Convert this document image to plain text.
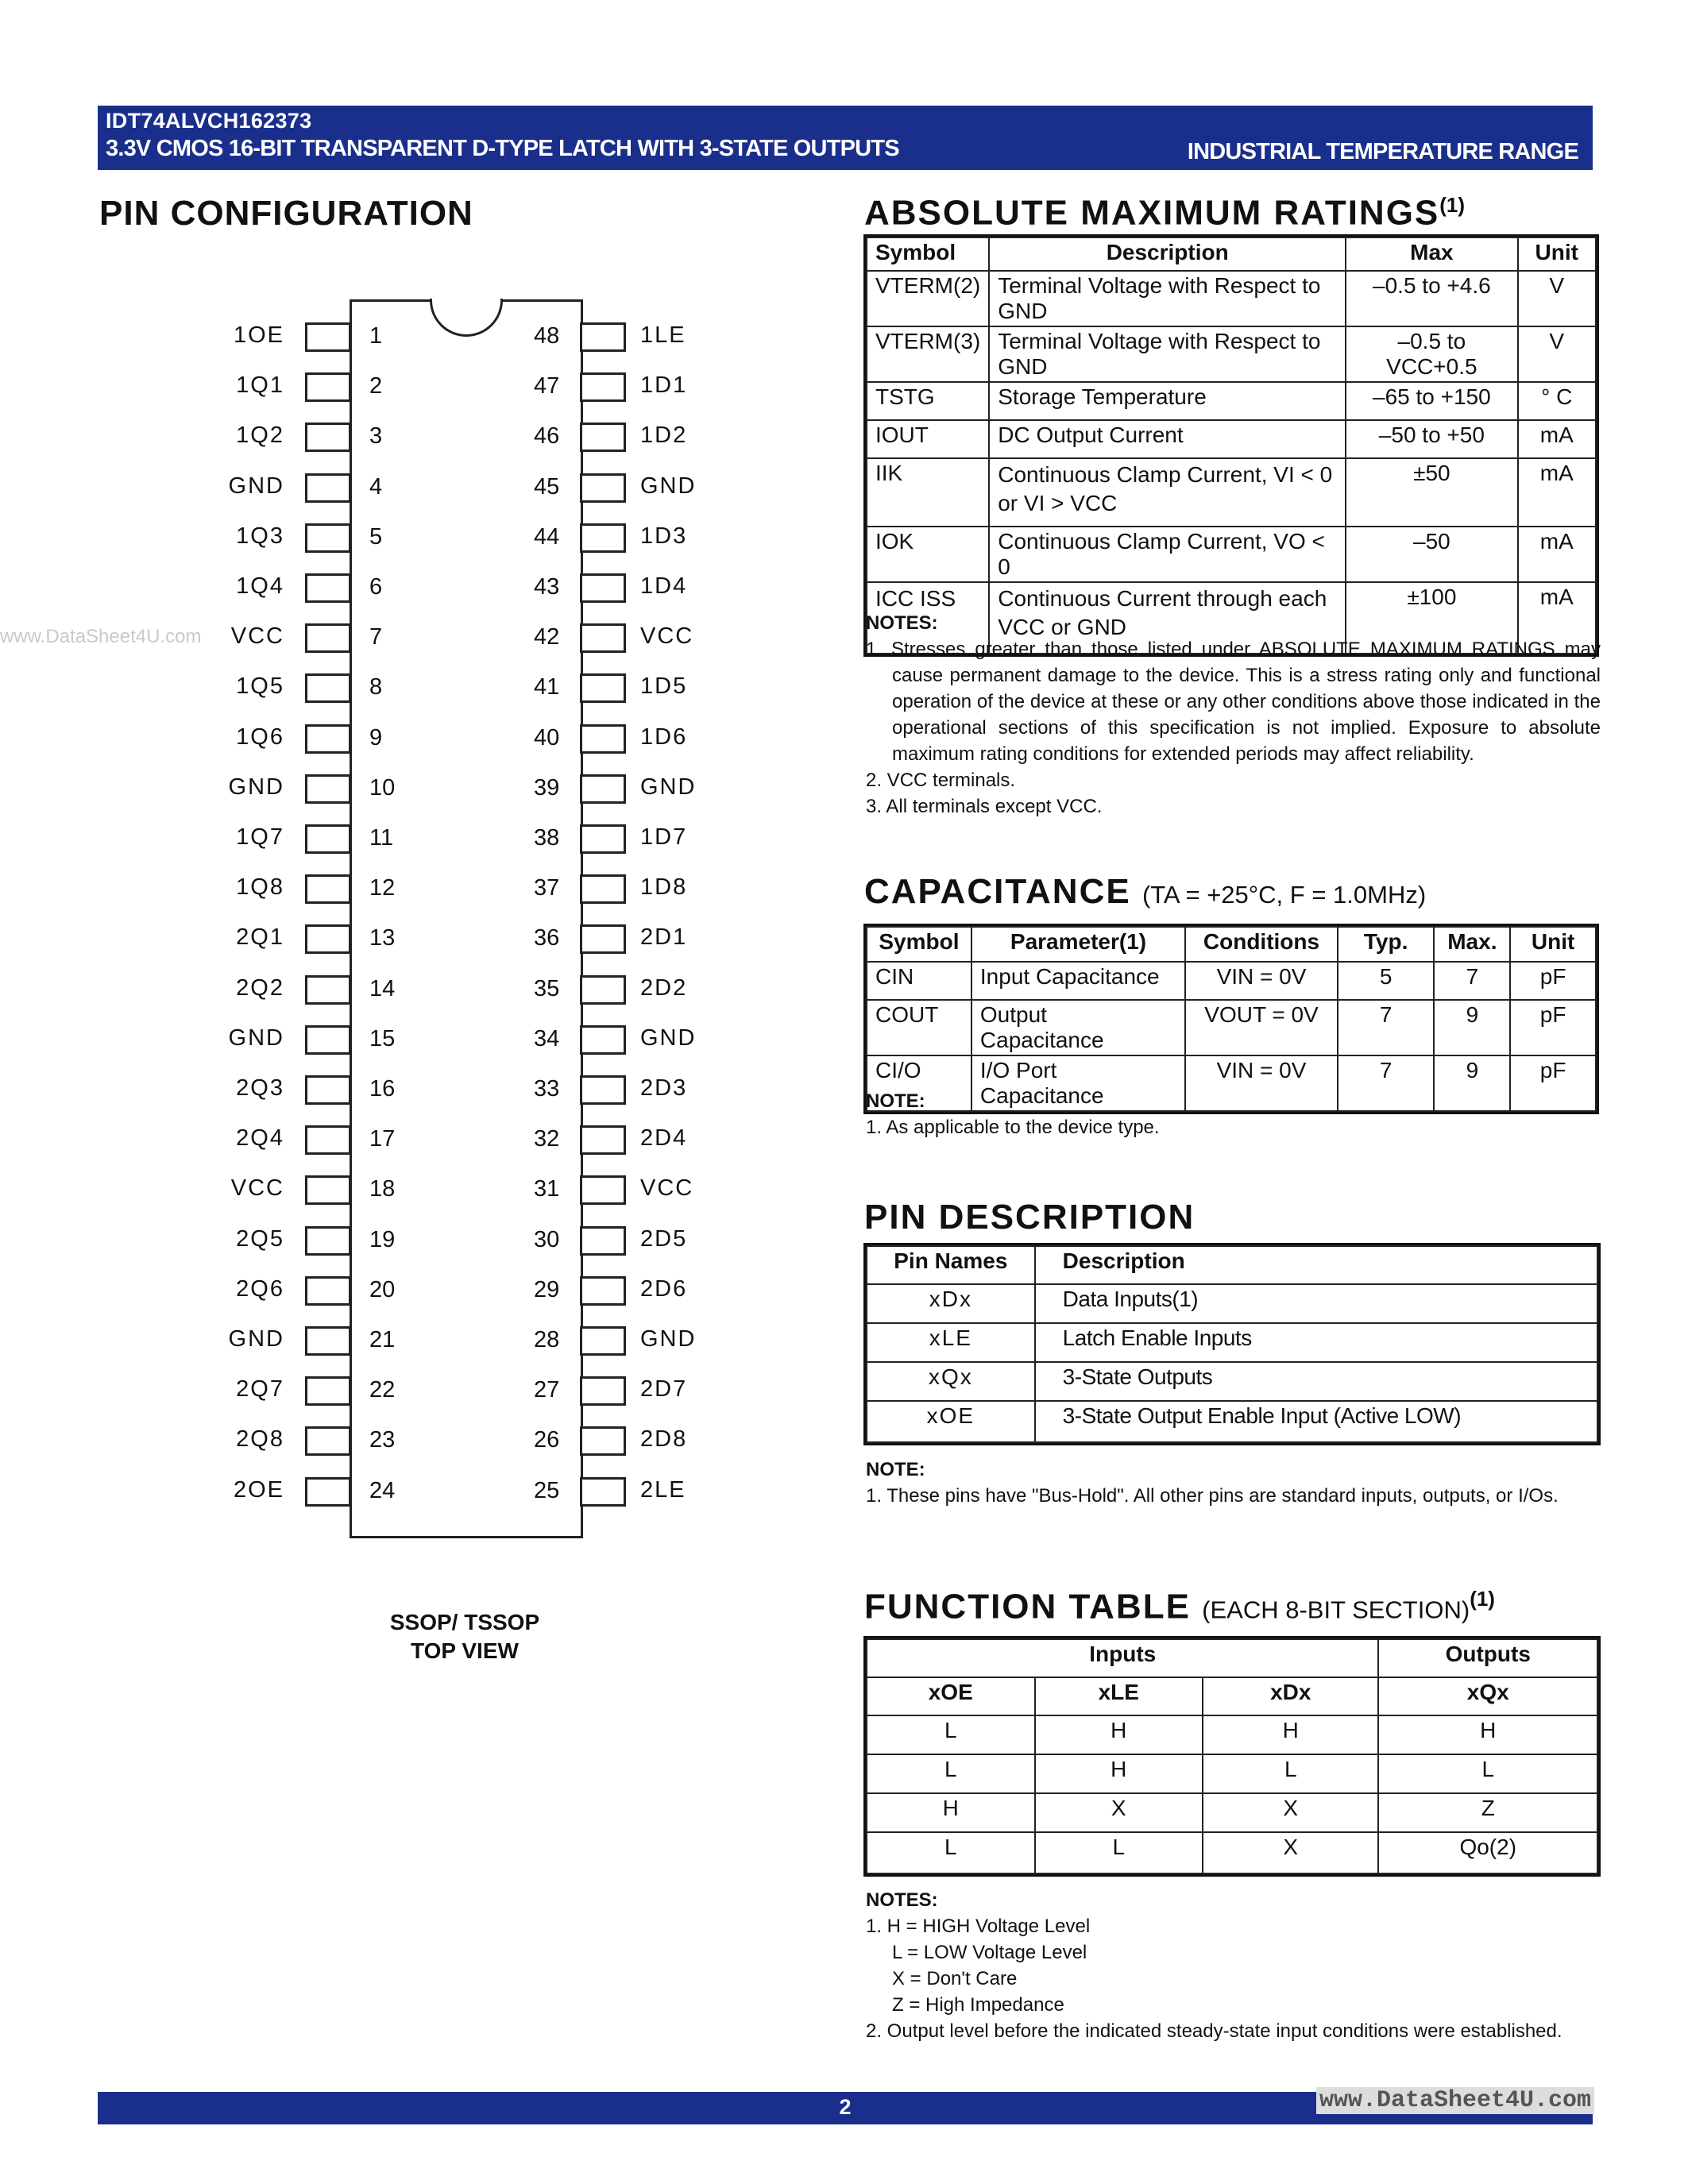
IDT74ALVCH162373
3.3V CMOS 16-BIT TRANSPARENT D-TYPE LATCH WITH 3-STATE OUTPUTS	INDUSTRIAL TEMPERATURE RANGE
www.DataSheet4U.com
PIN CONFIGURATION
1OE	1
1Q1	2
1Q2	3
GND	4
1Q3	5
1Q4	6
VCC	7
1Q5	8
1Q6	9
GND	10
1Q7	11
1Q8	12
2Q1	13
2Q2	14
GND	15
2Q3	16
2Q4	17
VCC	18
2Q5	19
2Q6	20
GND	21
2Q7	22
2Q8	23
2OE	24
48	1LE
47	1D1
46	1D2
45	GND
44	1D3
43	1D4
42	VCC
41	1D5
40	1D6
39	GND
38	1D7
37	1D8
36	2D1
35	2D2
34	GND
33	2D3
32	2D4
31	VCC
30	2D5
29	2D6
28	GND
27	2D7
26	2D8
25	2LE
SSOP/ TSSOP
TOP VIEW
ABSOLUTE MAXIMUM RATINGS$^{(1)}$
Symbol	Description	Max	Unit
VTERM(2)	Terminal Voltage with Respect to GND	–0.5 to +4.6	V
VTERM(3)	Terminal Voltage with Respect to GND	–0.5 to VCC+0.5	V
TSTG	Storage Temperature	–65 to +150	° C
IOUT	DC Output Current	–50 to +50	mA
IIK	Continuous Clamp Current, VI < 0 or VI > VCC	±50	mA
IOK	Continuous Clamp Current, VO < 0	–50	mA
ICC ISS	Continuous Current through each VCC or GND	±100	mA
NOTES:
1. Stresses greater than those listed under ABSOLUTE MAXIMUM RATINGS may cause permanent damage to the device. This is a stress rating only and functional operation of the device at these or any other conditions above those indicated in the operational sections of this specification is not implied. Exposure to absolute maximum rating conditions for extended periods may affect reliability.
2. VCC terminals.
3. All terminals except VCC.
CAPACITANCE (TA = +25°C, F = 1.0MHz)
Symbol	Parameter(1)	Conditions	Typ.	Max.	Unit
CIN	Input Capacitance	VIN = 0V	5	7	pF
COUT	Output Capacitance	VOUT = 0V	7	9	pF
CI/O	I/O Port Capacitance	VIN = 0V	7	9	pF
NOTE:
1. As applicable to the device type.
PIN DESCRIPTION
Pin Names	Description
xDx	Data Inputs(1)
xLE	Latch Enable Inputs
xQx	3-State Outputs
xOE	3-State Output Enable Input (Active LOW)
NOTE:
1. These pins have "Bus-Hold". All other pins are standard inputs, outputs, or I/Os.
FUNCTION TABLE (EACH 8-BIT SECTION)$^{(1)}$
Inputs			Outputs
xOE	xLE	xDx	xQx
L	H	H	H
L	H	L	L
H	X	X	Z
L	L	X	Qo(2)
NOTES:
1. H = HIGH Voltage Level
L = LOW Voltage Level
X = Don't Care
Z = High Impedance
2. Output level before the indicated steady-state input conditions were established.
2	www.DataSheet4U.com
